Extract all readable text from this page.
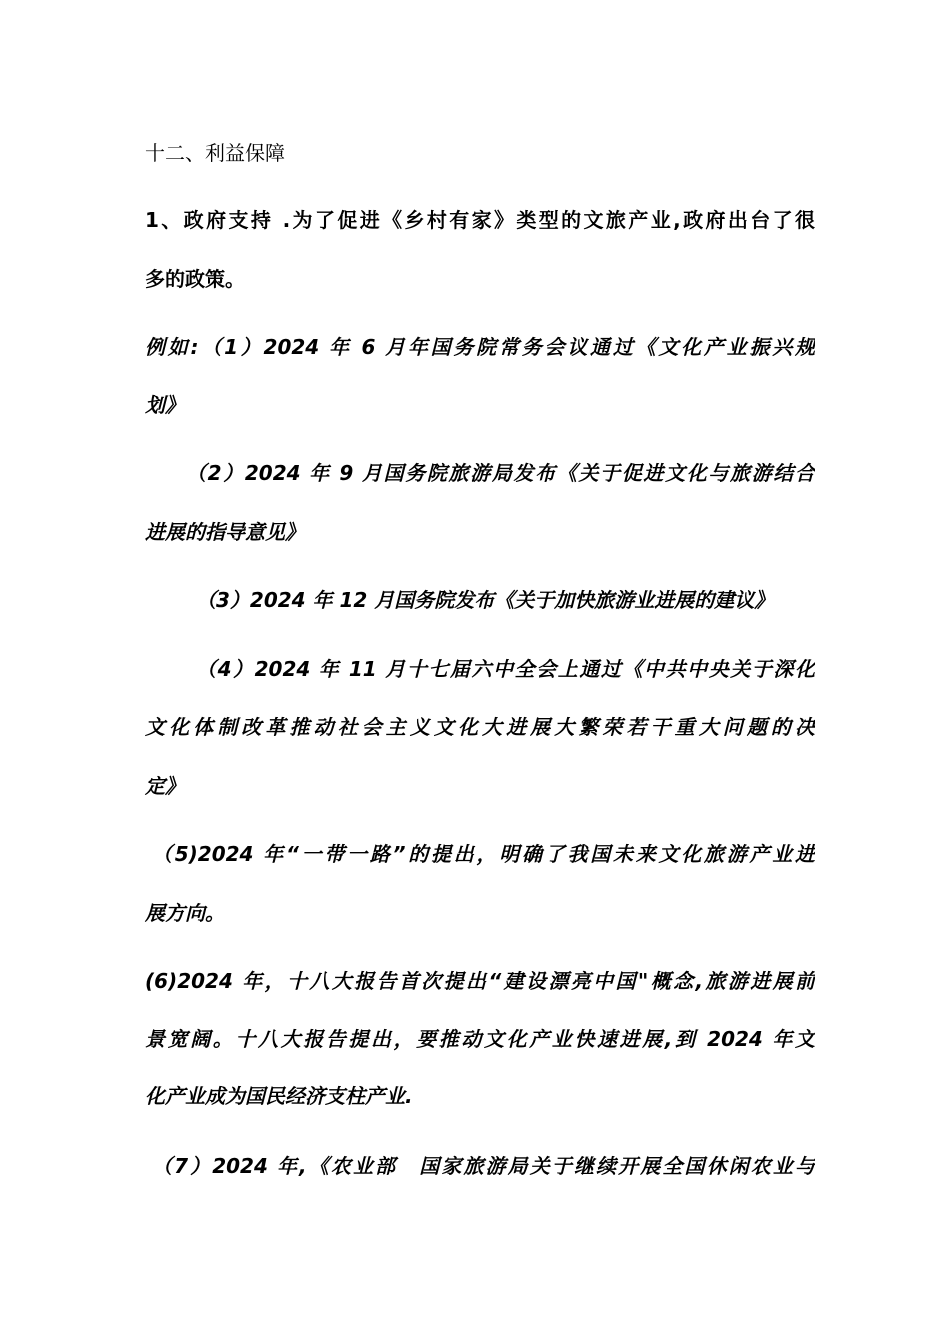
十二、利益保障
1、政府支持 .为了促进《乡村有家》类型的文旅产业,政府出台了很
多的政策。
例如:（1）2024 年 6 月年国务院常务会议通过《文化产业振兴规
划》
（2）2024 年 9 月国务院旅游局发布《关于促进文化与旅游结合
进展的指导意见》
（3）2024 年 12 月国务院发布《关于加快旅游业进展的建议》
（4）2024 年 11 月十七届六中全会上通过《中共中央关于深化
文化体制改革推动社会主义文化大进展大繁荣若干重大问题的决
定》
（5)2024 年“一带一路”的提出，明确了我国未来文化旅游产业进
展方向。
(6)2024 年，十八大报告首次提出“建设漂亮中国"概念,旅游进展前
景宽阔。十八大报告提出，要推动文化产业快速进展,到 2024 年文
化产业成为国民经济支柱产业.
（7）2024 年,《农业部　国家旅游局关于继续开展全国休闲农业与
